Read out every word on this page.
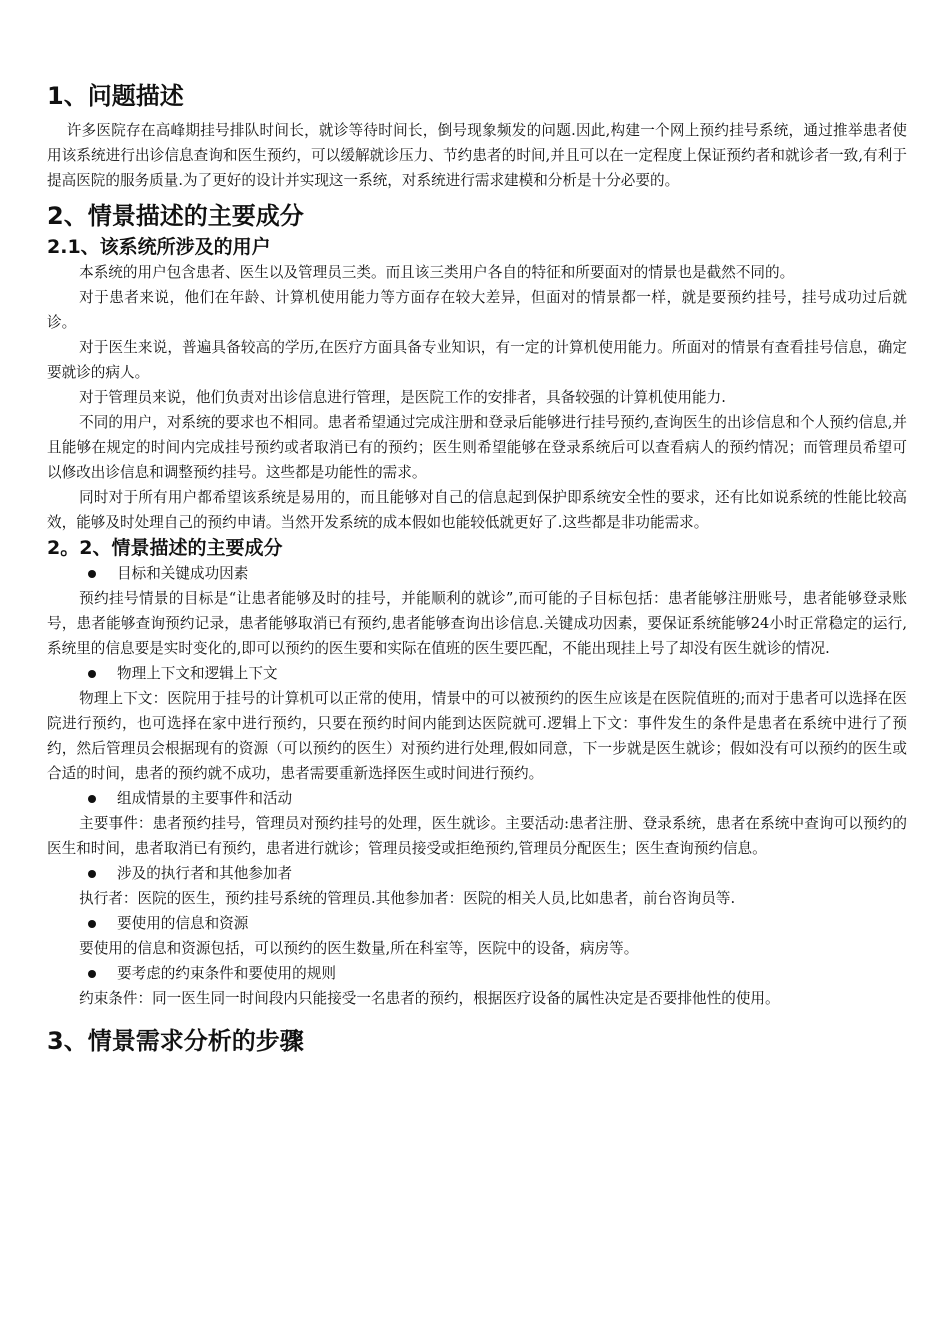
1、问题描述

许多医院存在高峰期挂号排队时间长，就诊等待时间长，倒号现象频发的问题.因此,构建一个网上预约挂号系统，通过推举患者使用该系统进行出诊信息查询和医生预约，可以缓解就诊压力、节约患者的时间,并且可以在一定程度上保证预约者和就诊者一致,有利于提高医院的服务质量.为了更好的设计并实现这一系统，对系统进行需求建模和分析是十分必要的。

2、情景描述的主要成分
2.1、该系统所涉及的用户

本系统的用户包含患者、医生以及管理员三类。而且该三类用户各自的特征和所要面对的情景也是截然不同的。

对于患者来说，他们在年龄、计算机使用能力等方面存在较大差异，但面对的情景都一样，就是要预约挂号，挂号成功过后就诊。

对于医生来说，普遍具备较高的学历,在医疗方面具备专业知识，有一定的计算机使用能力。所面对的情景有查看挂号信息，确定要就诊的病人。

对于管理员来说，他们负责对出诊信息进行管理，是医院工作的安排者，具备较强的计算机使用能力.

不同的用户，对系统的要求也不相同。患者希望通过完成注册和登录后能够进行挂号预约,查询医生的出诊信息和个人预约信息,并且能够在规定的时间内完成挂号预约或者取消已有的预约；医生则希望能够在登录系统后可以查看病人的预约情况；而管理员希望可以修改出诊信息和调整预约挂号。这些都是功能性的需求。

同时对于所有用户都希望该系统是易用的，而且能够对自己的信息起到保护即系统安全性的要求，还有比如说系统的性能比较高效，能够及时处理自己的预约申请。当然开发系统的成本假如也能较低就更好了.这些都是非功能需求。

2。2、情景描述的主要成分
目标和关键成功因素

预约挂号情景的目标是“让患者能够及时的挂号，并能顺利的就诊”,而可能的子目标包括：患者能够注册账号，患者能够登录账号，患者能够查询预约记录，患者能够取消已有预约,患者能够查询出诊信息.关键成功因素，要保证系统能够24小时正常稳定的运行,系统里的信息要是实时变化的,即可以预约的医生要和实际在值班的医生要匹配，不能出现挂上号了却没有医生就诊的情况.

物理上下文和逻辑上下文

物理上下文：医院用于挂号的计算机可以正常的使用，情景中的可以被预约的医生应该是在医院值班的;而对于患者可以选择在医院进行预约，也可选择在家中进行预约，只要在预约时间内能到达医院就可.逻辑上下文：事件发生的条件是患者在系统中进行了预约，然后管理员会根据现有的资源（可以预约的医生）对预约进行处理,假如同意，下一步就是医生就诊；假如没有可以预约的医生或合适的时间，患者的预约就不成功，患者需要重新选择医生或时间进行预约。

组成情景的主要事件和活动

主要事件：患者预约挂号，管理员对预约挂号的处理，医生就诊。主要活动:患者注册、登录系统，患者在系统中查询可以预约的医生和时间，患者取消已有预约，患者进行就诊；管理员接受或拒绝预约,管理员分配医生；医生查询预约信息。

涉及的执行者和其他参加者

执行者：医院的医生，预约挂号系统的管理员.其他参加者：医院的相关人员,比如患者，前台咨询员等.

要使用的信息和资源

要使用的信息和资源包括，可以预约的医生数量,所在科室等，医院中的设备，病房等。

要考虑的约束条件和要使用的规则

约束条件：同一医生同一时间段内只能接受一名患者的预约，根据医疗设备的属性决定是否要排他性的使用。

3、情景需求分析的步骤
